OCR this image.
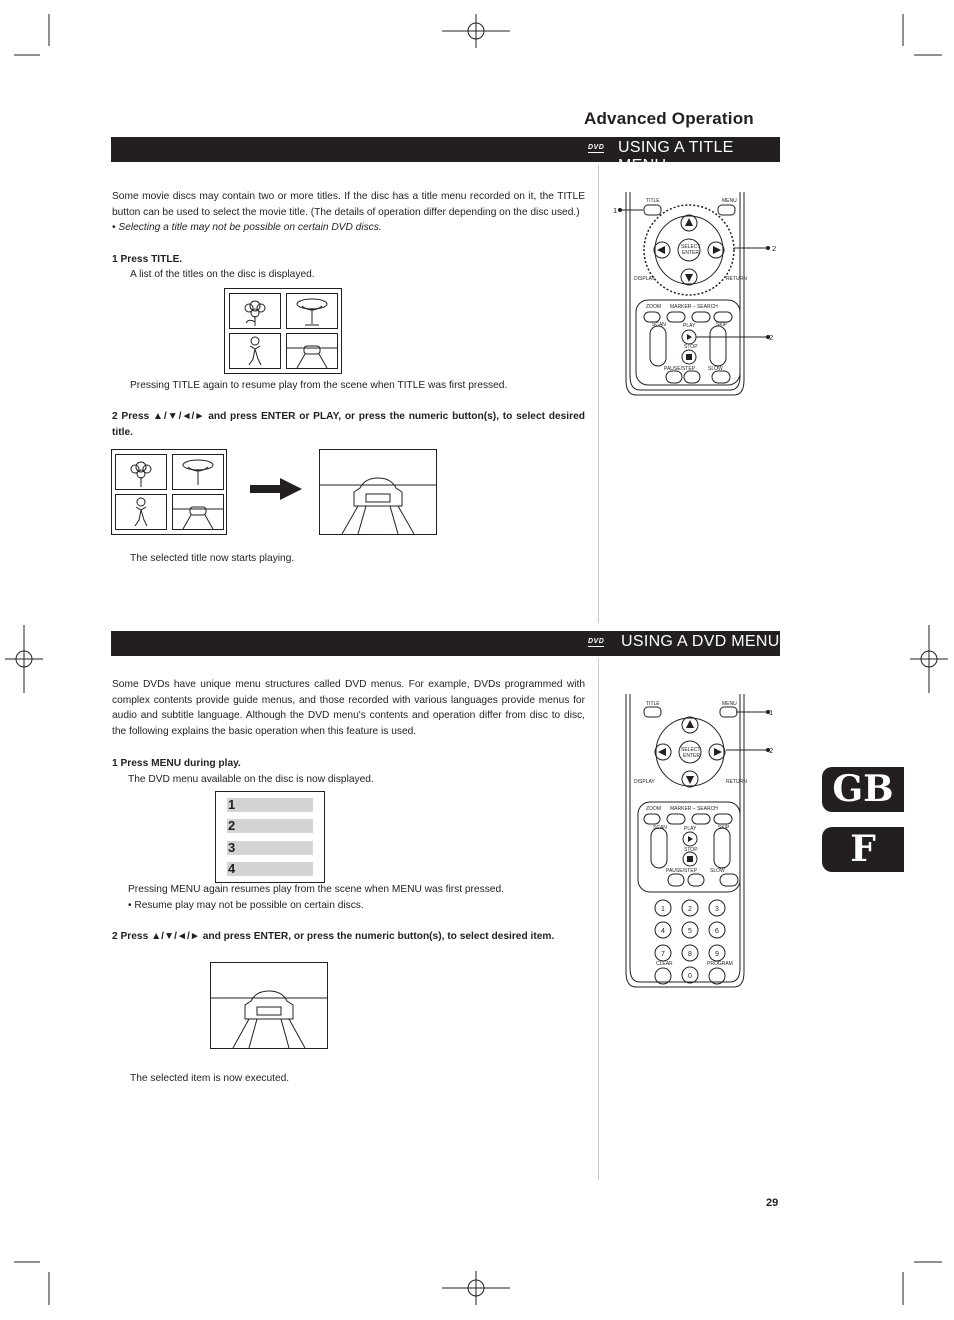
Advanced Operation
DVD USING A TITLE MENU
DVD USING A DVD MENU
Some movie discs may contain two or more titles. If the disc has a title menu recorded on it, the TITLE button can be used to select the movie title. (The details of operation differ depending on the disc used.)
• Selecting a title may not be possible on certain DVD discs.
1 Press TITLE.
A list of the titles on the disc is displayed.
Pressing TITLE again to resume play from the scene when TITLE was first pressed.
2 Press ▲/▼/◄/► and press ENTER or PLAY, or press the numeric button(s), to select desired title.
The selected title now starts playing.
TITLE	MENU
SELECT
ENTER
DISPLAY	RETURN
ZOOM MARKER – SEARCH
SCAN	PLAY	SKIP
STOP
PAUSE/STEP	SLOW
1
2
2
Some DVDs have unique menu structures called DVD menus. For example, DVDs programmed with complex contents provide guide menus, and those recorded with various languages provide menus for audio and subtitle language. Although the DVD menu's contents and operation differ from disc to disc, the following explains the basic operation when this feature is used.
1 Press MENU during play.
The DVD menu available on the disc is now displayed.
1
2
3
4
Pressing MENU again resumes play from the scene when MENU was first pressed.
• Resume play may not be possible on certain discs.
2 Press ▲/▼/◄/► and press ENTER, or press the numeric button(s), to select desired item.
The selected item is now executed.
TITLE	MENU
SELECT
ENTER
DISPLAY	RETURN
ZOOM MARKER – SEARCH
SCAN	PLAY	SKIP
STOP
PAUSE/STEP	SLOW
CLEAR	PROGRAM
1	2	3
4	5	6
7	8	9
0
1
2
GB
F
29
